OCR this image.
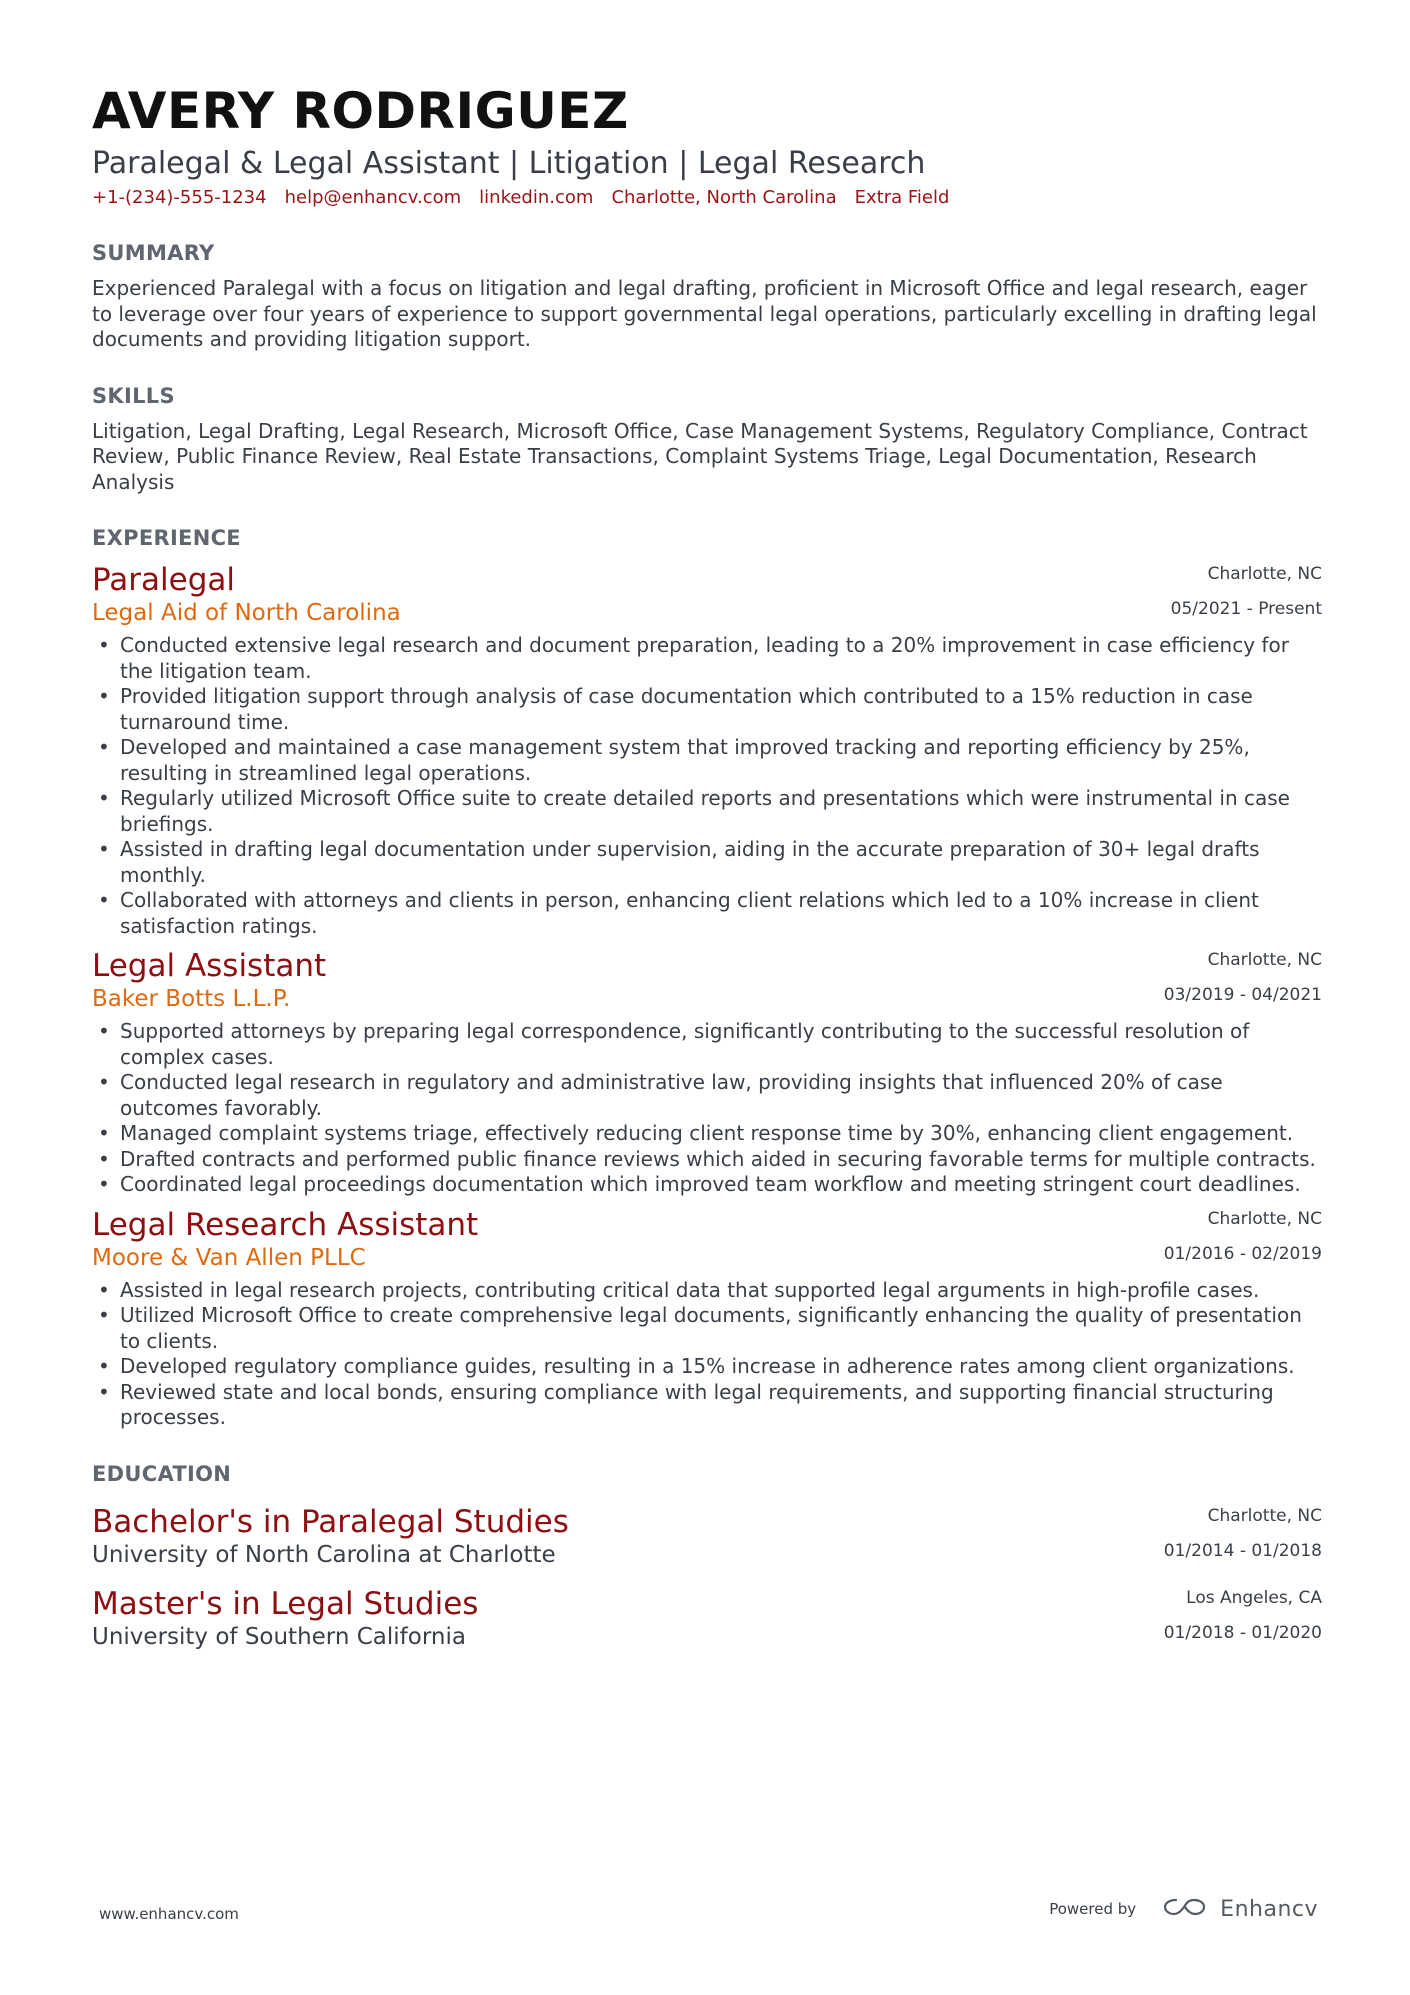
AVERY RODRIGUEZ
Paralegal & Legal Assistant | Litigation | Legal Research
+1-(234)-555-1234 help@enhancv.com linkedin.com Charlotte, North Carolina Extra Field
SUMMARY
Experienced Paralegal with a focus on litigation and legal drafting, proficient in Microsoft Office and legal research, eager to leverage over four years of experience to support governmental legal operations, particularly excelling in drafting legal documents and providing litigation support.
SKILLS
Litigation, Legal Drafting, Legal Research, Microsoft Office, Case Management Systems, Regulatory Compliance, Contract Review, Public Finance Review, Real Estate Transactions, Complaint Systems Triage, Legal Documentation, Research Analysis
EXPERIENCE
Paralegal
Legal Aid of North Carolina
Charlotte, NC
05/2021 - Present
• Conducted extensive legal research and document preparation, leading to a 20% improvement in case efficiency for the litigation team.
• Provided litigation support through analysis of case documentation which contributed to a 15% reduction in case turnaround time.
• Developed and maintained a case management system that improved tracking and reporting efficiency by 25%, resulting in streamlined legal operations.
• Regularly utilized Microsoft Office suite to create detailed reports and presentations which were instrumental in case briefings.
• Assisted in drafting legal documentation under supervision, aiding in the accurate preparation of 30+ legal drafts monthly.
• Collaborated with attorneys and clients in person, enhancing client relations which led to a 10% increase in client satisfaction ratings.
Legal Assistant
Baker Botts L.L.P.
Charlotte, NC
03/2019 - 04/2021
• Supported attorneys by preparing legal correspondence, significantly contributing to the successful resolution of complex cases.
• Conducted legal research in regulatory and administrative law, providing insights that influenced 20% of case outcomes favorably.
• Managed complaint systems triage, effectively reducing client response time by 30%, enhancing client engagement.
• Drafted contracts and performed public finance reviews which aided in securing favorable terms for multiple contracts.
• Coordinated legal proceedings documentation which improved team workflow and meeting stringent court deadlines.
Legal Research Assistant
Moore & Van Allen PLLC
Charlotte, NC
01/2016 - 02/2019
• Assisted in legal research projects, contributing critical data that supported legal arguments in high-profile cases.
• Utilized Microsoft Office to create comprehensive legal documents, significantly enhancing the quality of presentation to clients.
• Developed regulatory compliance guides, resulting in a 15% increase in adherence rates among client organizations.
• Reviewed state and local bonds, ensuring compliance with legal requirements, and supporting financial structuring processes.
EDUCATION
Bachelor's in Paralegal Studies
University of North Carolina at Charlotte
Charlotte, NC
01/2014 - 01/2018
Master's in Legal Studies
University of Southern California
Los Angeles, CA
01/2018 - 01/2020
www.enhancv.com	Powered by	Enhancv
